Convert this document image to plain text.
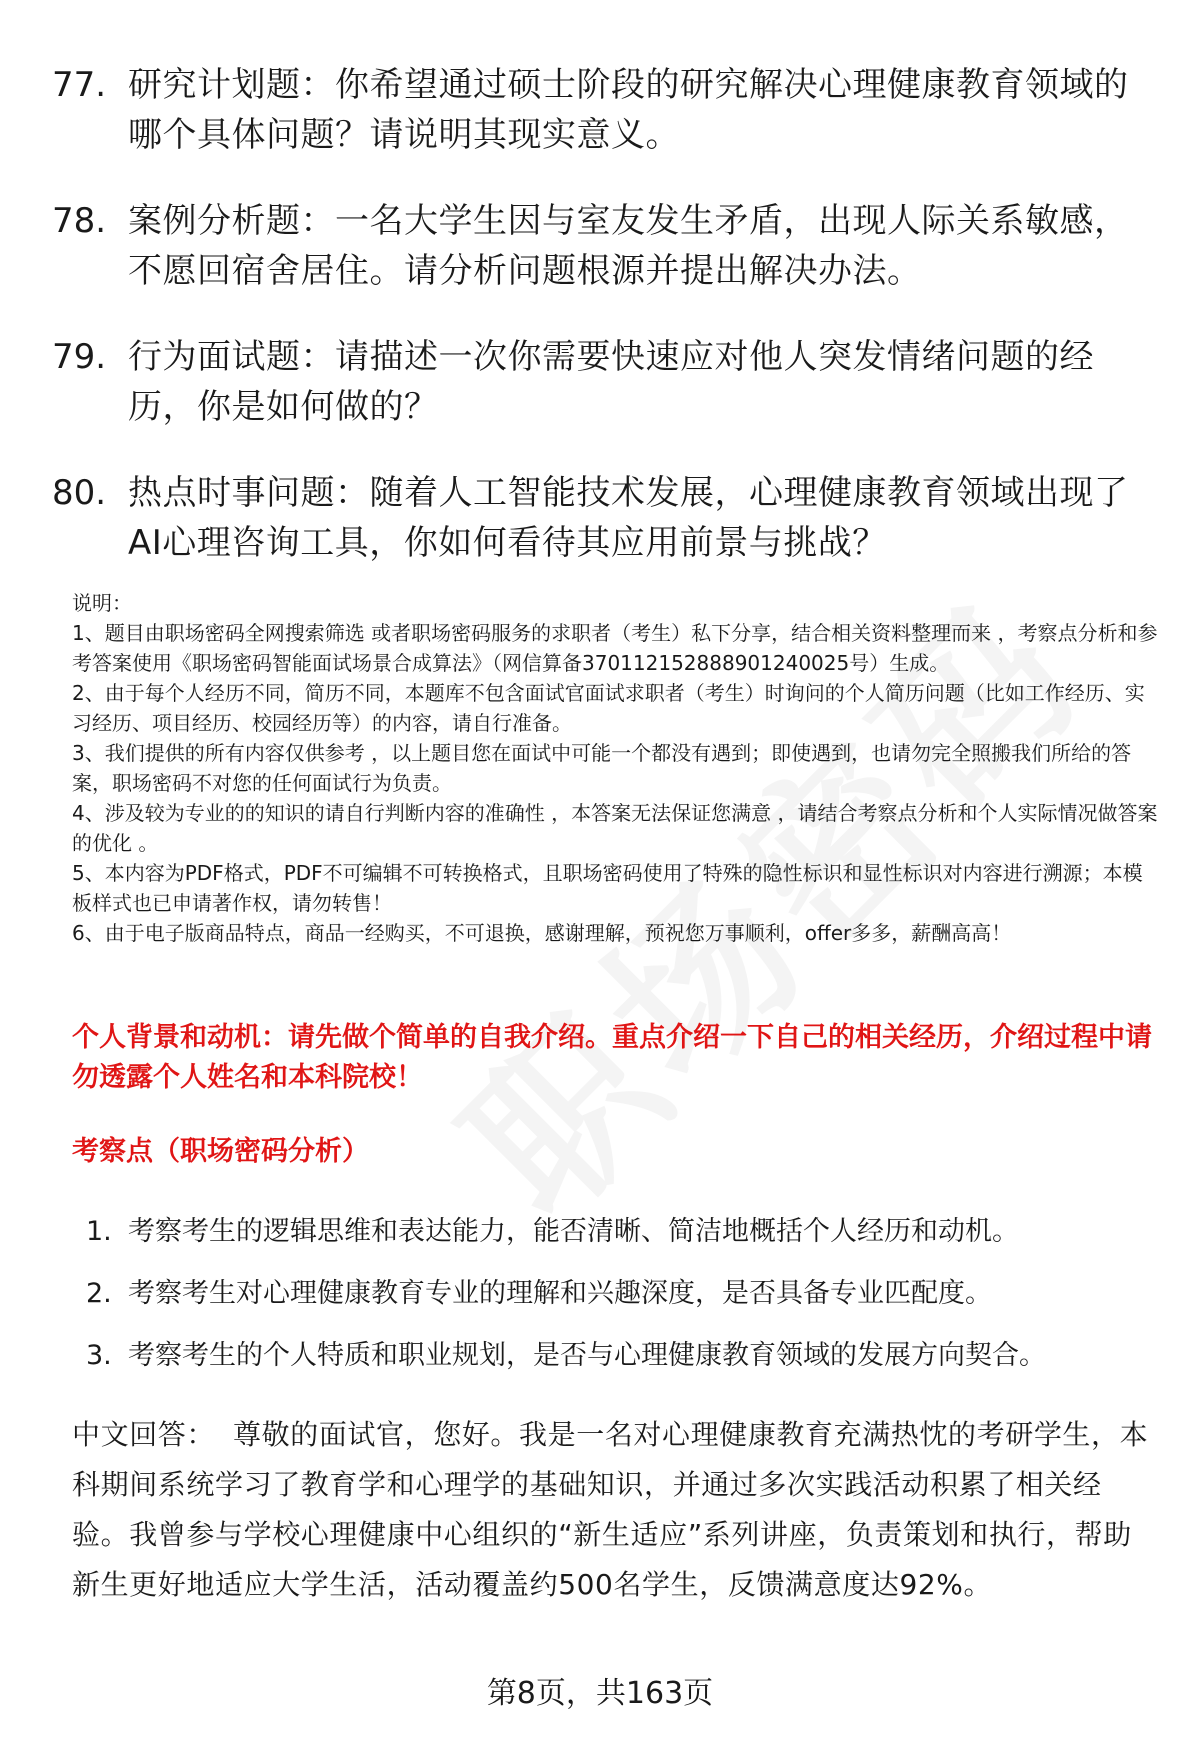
77. 研究计划题：你希望通过硕士阶段的研究解决心理健康教育领域的哪个具体问题？请说明其现实意义。
78. 案例分析题：一名大学生因与室友发生矛盾，出现人际关系敏感，不愿回宿舍居住。请分析问题根源并提出解决办法。
79. 行为面试题：请描述一次你需要快速应对他人突发情绪问题的经历，你是如何做的？
80. 热点时事问题：随着人工智能技术发展，心理健康教育领域出现了AI心理咨询工具，你如何看待其应用前景与挑战？

说明：

1、题目由职场密码全网搜索筛选 或者职场密码服务的求职者（考生）私下分享，结合相关资料整理而来 ，考察点分析和参考答案使用《职场密码智能面试场景合成算法》（网信算备370112152888901240025号）生成。

2、由于每个人经历不同，简历不同，本题库不包含面试官面试求职者（考生）时询问的个人简历问题（比如工作经历、实习经历、项目经历、校园经历等）的内容，请自行准备。

3、我们提供的所有内容仅供参考 ，以上题目您在面试中可能一个都没有遇到；即使遇到，也请勿完全照搬我们所给的答案，职场密码不对您的任何面试行为负责。

4、涉及较为专业的的知识的请自行判断内容的准确性 ，本答案无法保证您满意 ，请结合考察点分析和个人实际情况做答案的优化 。

5、本内容为PDF格式，PDF不可编辑不可转换格式，且职场密码使用了特殊的隐性标识和显性标识对内容进行溯源；本模板样式也已申请著作权，请勿转售！

6、由于电子版商品特点，商品一经购买，不可退换，感谢理解，预祝您万事顺利，offer多多，薪酬高高！

个人背景和动机：请先做个简单的自我介绍。重点介绍一下自己的相关经历，介绍过程中请勿透露个人姓名和本科院校！
考察点（职场密码分析）
1. 考察考生的逻辑思维和表达能力，能否清晰、简洁地概括个人经历和动机。
2. 考察考生对心理健康教育专业的理解和兴趣深度，是否具备专业匹配度。
3. 考察考生的个人特质和职业规划，是否与心理健康教育领域的发展方向契合。
中文回答： 尊敬的面试官，您好。我是一名对心理健康教育充满热忱的考研学生，本科期间系统学习了教育学和心理学的基础知识，并通过多次实践活动积累了相关经验。我曾参与学校心理健康中心组织的“新生适应”系列讲座，负责策划和执行，帮助新生更好地适应大学生活，活动覆盖约500名学生，反馈满意度达92%。
第8页，共163页
